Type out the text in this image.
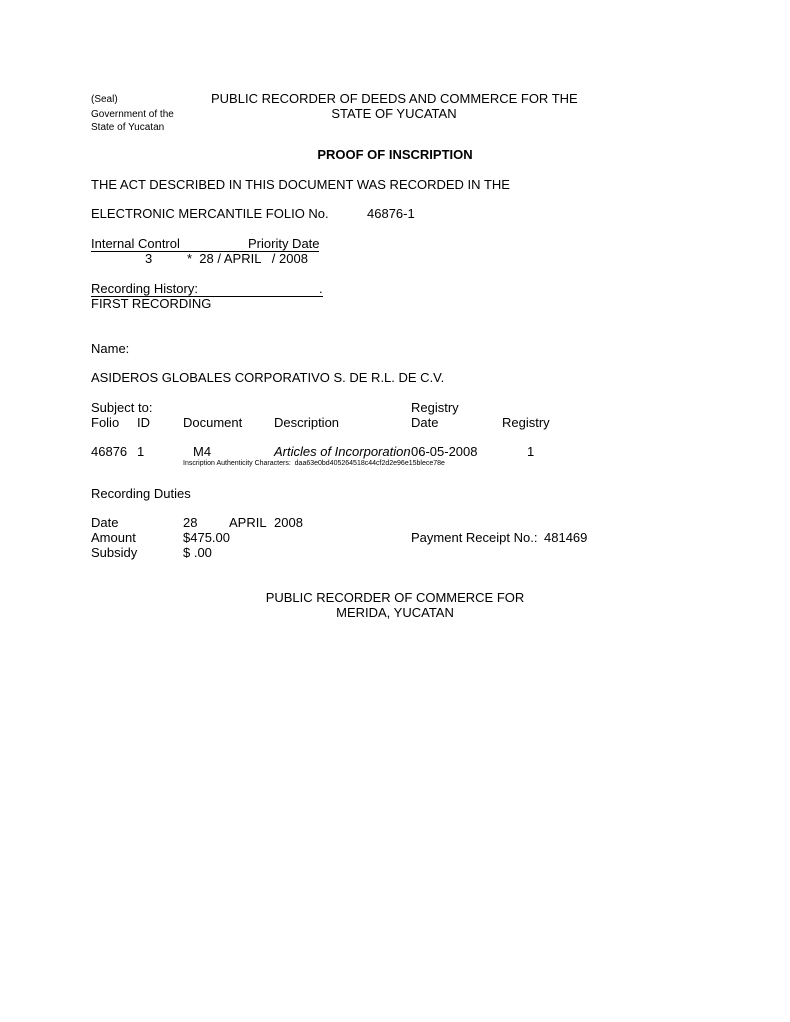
(Seal)
Government of the
State of Yucatan
PUBLIC RECORDER OF DEEDS AND COMMERCE FOR THE
STATE OF YUCATAN
PROOF OF INSCRIPTION
THE ACT DESCRIBED IN THIS DOCUMENT WAS RECORDED IN THE
ELECTRONIC MERCANTILE FOLIO No.	46876-1
Internal Control	Priority Date
3	*  28 / APRIL   / 2008
Recording History:	.
FIRST RECORDING
Name:
ASIDEROS GLOBALES CORPORATIVO S. DE R.L. DE C.V.
Subject to:	Registry
Folio ID	Document Description	Date	Registry
46876 1	M4	Articles of Incorporation 06-05-2008	1
Inscription Authenticity Characters:  daa63e0bd405264518c44cf2d2e96e15blece78e
Recording Duties
Date	28 APRIL 2008
Amount	$475.00	Payment Receipt No.: 481469
Subsidy	$ .00
PUBLIC RECORDER OF COMMERCE FOR
MERIDA, YUCATAN
